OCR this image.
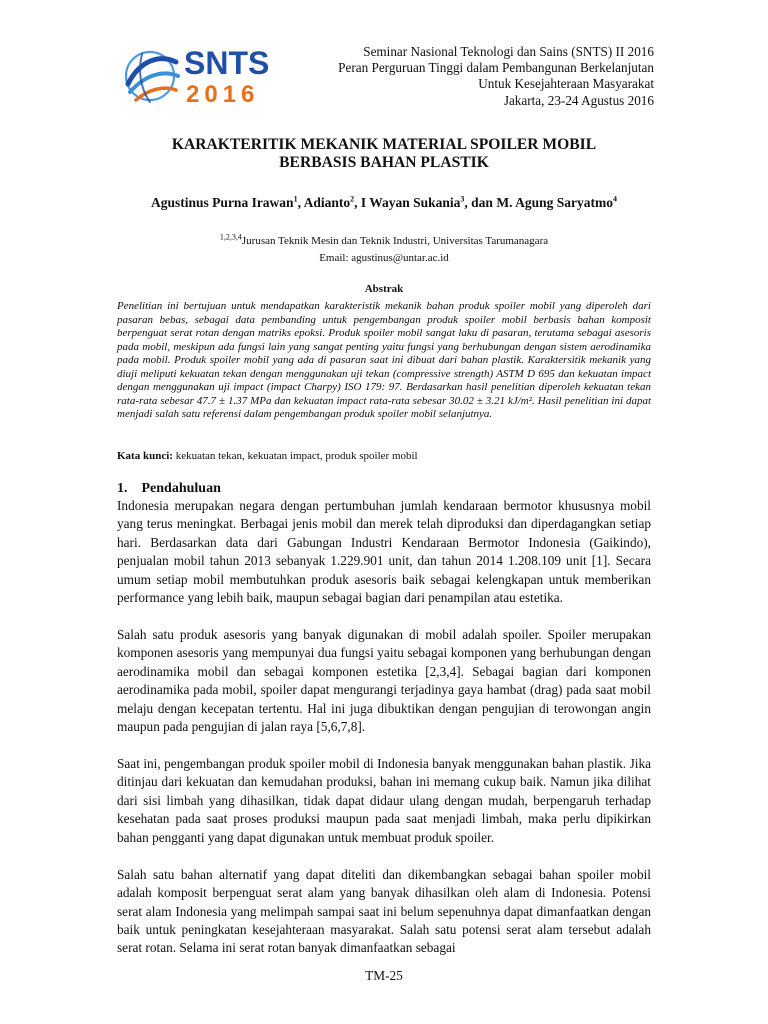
SNTS
2016
Seminar Nasional Teknologi dan Sains (SNTS) II 2016
Peran Perguruan Tinggi dalam Pembangunan Berkelanjutan
Untuk Kesejahteraan Masyarakat
Jakarta, 23-24 Agustus 2016
KARAKTERITIK MEKANIK MATERIAL SPOILER MOBIL
BERBASIS BAHAN PLASTIK
Agustinus Purna Irawan$^1$, Adianto$^2$, I Wayan Sukania$^3$, dan M. Agung Saryatmo$^4$
$^{1,2,3,4}$Jurusan Teknik Mesin dan Teknik Industri, Universitas Tarumanagara
Email: agustinus@untar.ac.id
Abstrak
Penelitian ini bertujuan untuk mendapatkan karakteristik mekanik bahan produk spoiler mobil yang diperoleh dari pasaran bebas, sebagai data pembanding untuk pengembangan produk spoiler mobil berbasis bahan komposit berpenguat serat rotan dengan matriks epoksi. Produk spoiler mobil sangat laku di pasaran, terutama sebagai asesoris pada mobil, meskipun ada fungsi lain yang sangat penting yaitu fungsi yang berhubungan dengan sistem aerodinamika pada mobil. Produk spoiler mobil yang ada di pasaran saat ini dibuat dari bahan plastik. Karaktersitik mekanik yang diuji meliputi kekuatan tekan dengan menggunakan uji tekan (compressive strength) ASTM D 695 dan kekuatan impact dengan menggunakan uji impact (impact Charpy) ISO 179: 97. Berdasarkan hasil penelitian diperoleh kekuatan tekan rata-rata sebesar 47.7 ± 1.37 MPa dan kekuatan impact rata-rata sebesar 30.02 ± 3.21 kJ/m². Hasil penelitian ini dapat menjadi salah satu referensi dalam pengembangan produk spoiler mobil selanjutnya.
Kata kunci: kekuatan tekan, kekuatan impact, produk spoiler mobil
1. Pendahuluan

Indonesia merupakan negara dengan pertumbuhan jumlah kendaraan bermotor khususnya mobil yang terus meningkat. Berbagai jenis mobil dan merek telah diproduksi dan diperdagangkan setiap hari. Berdasarkan data dari Gabungan Industri Kendaraan Bermotor Indonesia (Gaikindo), penjualan mobil tahun 2013 sebanyak 1.229.901 unit, dan tahun 2014 1.208.109 unit [1]. Secara umum setiap mobil membutuhkan produk asesoris baik sebagai kelengkapan untuk memberikan performance yang lebih baik, maupun sebagai bagian dari penampilan atau estetika.

Salah satu produk asesoris yang banyak digunakan di mobil adalah spoiler. Spoiler merupakan komponen asesoris yang mempunyai dua fungsi yaitu sebagai komponen yang berhubungan dengan aerodinamika mobil dan sebagai komponen estetika [2,3,4]. Sebagai bagian dari komponen aerodinamika pada mobil, spoiler dapat mengurangi terjadinya gaya hambat (drag) pada saat mobil melaju dengan kecepatan tertentu. Hal ini juga dibuktikan dengan pengujian di terowongan angin maupun pada pengujian di jalan raya [5,6,7,8].

Saat ini, pengembangan produk spoiler mobil di Indonesia banyak menggunakan bahan plastik. Jika ditinjau dari kekuatan dan kemudahan produksi, bahan ini memang cukup baik. Namun jika dilihat dari sisi limbah yang dihasilkan, tidak dapat didaur ulang dengan mudah, berpengaruh terhadap kesehatan pada saat proses produksi maupun pada saat menjadi limbah, maka perlu dipikirkan bahan pengganti yang dapat digunakan untuk membuat produk spoiler.

Salah satu bahan alternatif yang dapat diteliti dan dikembangkan sebagai bahan spoiler mobil adalah komposit berpenguat serat alam yang banyak dihasilkan oleh alam di Indonesia. Potensi serat alam Indonesia yang melimpah sampai saat ini belum sepenuhnya dapat dimanfaatkan dengan baik untuk peningkatan kesejahteraan masyarakat. Salah satu potensi serat alam tersebut adalah serat rotan. Selama ini serat rotan banyak dimanfaatkan sebagai

TM-25
